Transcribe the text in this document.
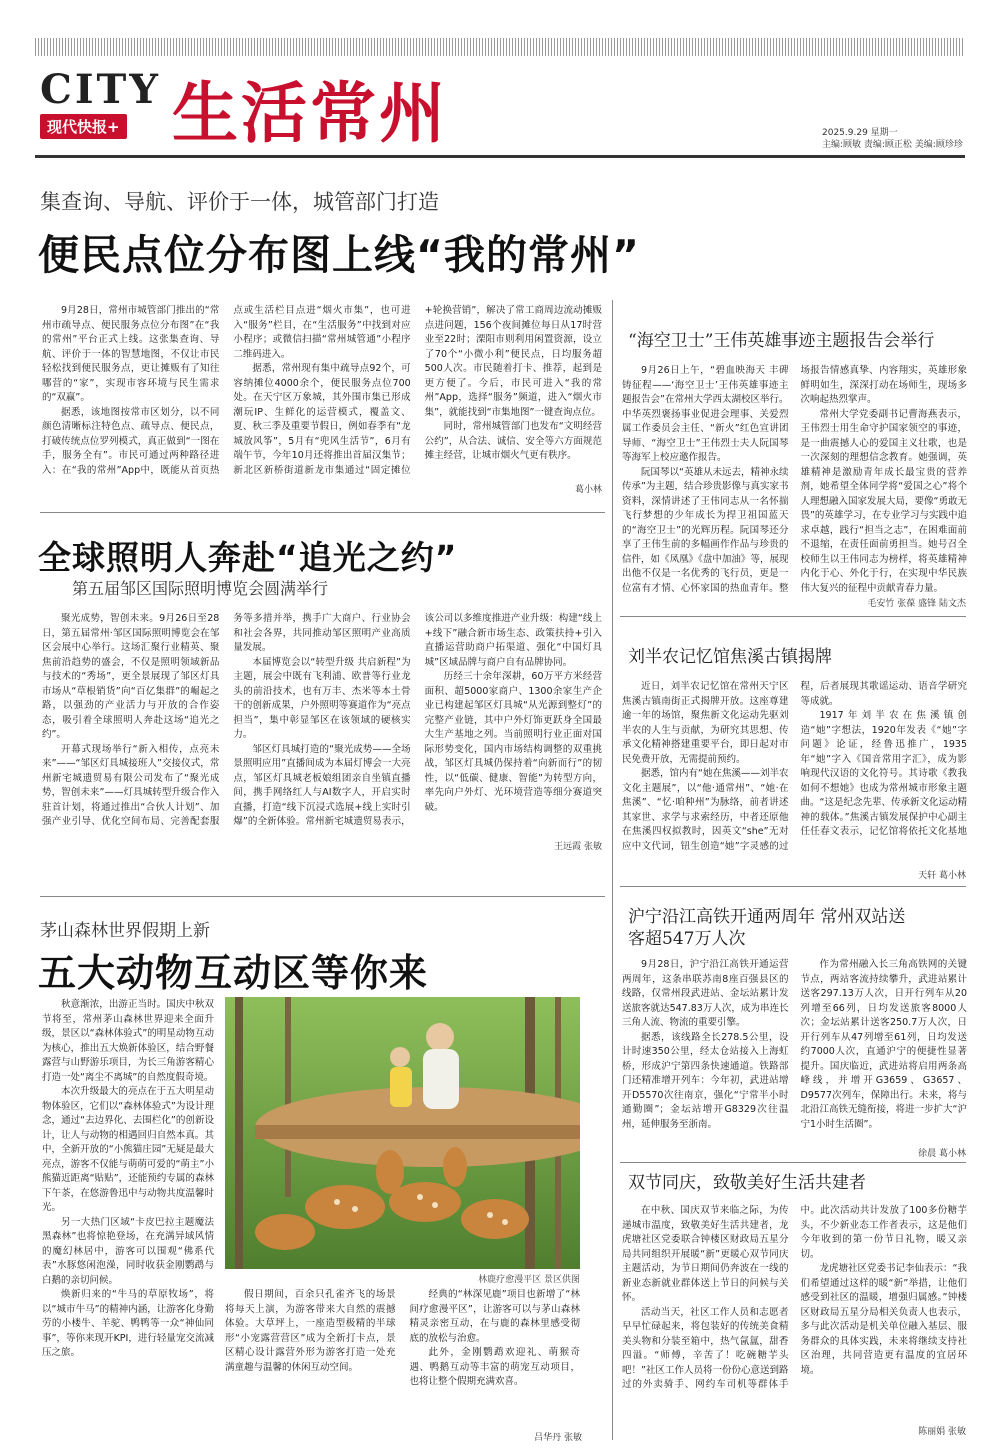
CITY
现代快报+ 生活常州	2025.9.29 星期一
主编:顾敏 责编:顾正松 美编:顾珍珍
集查询、导航、评价于一体，城管部门打造
便民点位分布图上线“我的常州”

9月28日，常州市城管部门推出的“常州市疏导点、便民服务点位分布图”在“我的常州”平台正式上线。这张集查询、导航、评价于一体的智慧地图，不仅让市民轻松找到便民服务点，更让摊贩有了知往哪营的“家”，实现市容环境与民生需求的“双赢”。

据悉，该地图按常市区划分，以不同颜色清晰标注特色点、疏导点、便民点，打破传统点位罗列模式，真正做到“一图在手，服务全有”。市民可通过两种路径进入：在“我的常州”App中，既能从首页热点或生活栏目点进“烟火市集”，也可进入“服务”栏目，在“生活服务”中找到对应小程序；或微信扫描“常州城管通”小程序二维码进入。

据悉，常州现有集中疏导点92个，可容纳摊位4000余个，便民服务点位700处。在天宁区万象城，其外围市集已形成潮玩IP、生鲜化的运营模式，覆盖文、夏、秋三季及重要节假日，例如春季有“龙城放风筝”，5月有“兜风生活节”，6月有端午节，今年10月还将推出首届汉集节；新北区新桥街道新龙市集通过“固定摊位+轮换营销”，解决了常工商周边流动摊贩点进问题，156个夜间摊位每日从17时营业至22时；溧阳市则利用闲置资源，设立了70个“小微小利”便民点，日均服务超500人次。市民随着打卡、推荐，起到是更方便了。今后，市民可进入“我的常州”App，选择“服务”频道，进入“烟火市集”，就能找到“市集地图”一键查询点位。

同时，常州城管部门也发布“文明经营公约”，从合法、诚信、安全等六方面规范摊主经营，让城市烟火气更有秩序。

葛小林
全球照明人奔赴“追光之约”
第五届邹区国际照明博览会圆满举行

聚光成势，智创未来。9月26日至28日，第五届常州·邹区国际照明博览会在邹区会展中心举行。这场汇聚行业精英、聚焦前沿趋势的盛会，不仅是照明领域新品与技术的“秀场”，更全景展现了邹区灯具市场从“草根销货”向“百亿集群”的崛起之路，以强劲的产业活力与开放的合作姿态，吸引着全球照明人奔赴这场“追光之约”。

开幕式现场举行“新入相传，点亮未来”——“邹区灯具城接班人”交接仪式，常州新宅城遗贸易有限公司发布了“聚光成势，智创未来”——灯具城转型升级合作入驻首计划，将通过推出“合伙人计划”、加强产业引导、优化空间布局、完善配套服务等多措并举，携手广大商户、行业协会和社会各界，共同推动邹区照明产业高质量发展。

本届博览会以“转型升级 共启新程”为主题，展会中既有飞利浦、欧普等行业龙头的前沿技术，也有万丰、杰米等本土骨干的创新成果，户外照明等赛道作为“亮点担当”，集中彰显邹区在该领域的硬核实力。

邹区灯具城打造的“聚光成势——全场景照明应用”直播间成为本届灯博会一大亮点，邹区灯具城老板娘组团亲自坐镇直播间，携手网络红人与AI数字人，开启实时直播，打造“线下沉浸式选展+线上实时引爆”的全新体验。常州新宅城遗贸易表示，该公司以多维度推进产业升级：构建“线上+线下”融合新市场生态、政策扶持+引入直播运营助商户拓渠道、强化“中国灯具城”区域品牌与商户自有品牌协同。

历经三十余年深耕，60万平方米经营面积、超5000家商户、1300余家生产企业已构建起邹区灯具城“从光源到整灯”的完整产业链，其中户外灯饰更跃身全国最大生产基地之列。当前照明行业正面对国际形势变化，国内市场结构调整的双重挑战，邹区灯具城仍保持着“向新而行”的韧性，以“低碳、健康、智能”为转型方向，率先向户外灯、光环境营造等细分赛道突破。

王远霞 张敏
茅山森林世界假期上新
五大动物互动区等你来

秋意渐浓，出游正当时。国庆中秋双节将至，常州茅山森林世界迎来全面升级，景区以“森林体验式”的明星动物互动为核心，推出五大焕新体验区，结合野餐露营与山野游乐项目，为长三角游客精心打造一处“离尘不离城”的自然度假奇境。

本次升级最大的亮点在于五大明星动物体验区，它们以“森林体验式”为设计理念，通过“去边界化、去围栏化”的创新设计，让人与动物的相遇回归自然本真。其中，全新开放的“小熊猫庄园”无疑是最大亮点，游客不仅能与萌萌可爱的“萌主”小熊猫近距离“贴贴”，还能预约专属的森林下午茶，在悠游鲁迅中与动物共度温馨时光。

另一大热门区域“卡皮巴拉主题魔法黑森林”也将惊艳登场，在充满异域风情的魔幻林居中，游客可以围观“佛系代表”水豚悠闲泡澡，同时收获金刚鹦鹉与白鹅的亲切问候。

焕新归来的“牛马的草原牧场”，将以“城市牛马”的精神内涵，让游客化身勤劳的小楼牛、羊驼、鸭鸭等一众“神仙同事”，等你来现开KPI，进行轻量宠交流减压之旅。

林鹿疗愈漫平区 景区供图

假日期间，百余只孔雀齐飞的场景将每天上演，为游客带来大自然的震撼体验。大草坪上，一座造型极精的半球形“小宠露营营区”成为全新打卡点，景区精心设计露营外形为游客打造一处充满童趣与温馨的休闲互动空间。

经典的“林深见鹿”项目也新增了“林间疗愈漫平区”，让游客可以与茅山森林精灵亲密互动，在与鹿的森林里感受彻底的放松与治愈。

此外，金刚鹦鹉欢迎礼、萌猴奇遇、鸭鹅互动等丰富的萌宠互动项目，也将让整个假期充满欢喜。

吕华丹 张敏
“海空卫士”王伟英雄事迹主题报告会举行

9月26日上午，“碧血映海天 丰碑铸征程——‘海空卫士’王伟英雄事迹主题报告会”在常州大学西太湖校区举行。中华英烈褒扬事业促进会理事、关爱烈属工作委员会主任、“新火”红色宣讲团导师、“海空卫士”王伟烈士夫人阮国琴等海军上校应邀作报告。

阮国琴以“英雄从未远去，精神永续传承”为主题，结合珍贵影像与真实家书资料，深情讲述了王伟同志从一名怀揣飞行梦想的少年成长为捍卫祖国蓝天的“海空卫士”的光辉历程。阮国琴还分享了王伟生前的多幅画作作品与珍贵的信件，如《凤凰》《盘中加油》等，展现出他不仅是一名优秀的飞行员，更是一位富有才情、心怀家国的热血青年。整场报告情感真挚、内容翔实，英雄形象鲜明如生，深深打动在场师生，现场多次响起热烈掌声。

常州大学党委副书记曹海燕表示，王伟烈士用生命守护国家领空的事迹，是一曲震撼人心的爱国主义壮歌，也是一次深刻的理想信念教育。她强调，英雄精神是激励青年成长最宝贵的营养剂，她希望全体同学将“爱国之心”将个人理想融入国家发展大局，要像“勇敢无畏”的英雄学习，在专业学习与实践中追求卓越，践行“担当之志”，在困难面前不退缩，在责任面前勇担当。她号召全校师生以王伟同志为榜样，将英雄精神内化于心、外化于行，在实现中华民族伟大复兴的征程中贡献青春力量。

毛安竹 张葆 盛锋 陆文杰
刘半农记忆馆焦溪古镇揭牌

近日，刘半农记忆馆在常州天宁区焦溪古镇南街正式揭牌开放。这座尊建逾一年的场馆，聚焦新文化运动先驱刘半农的人生与贡献，为研究其思想、传承文化精神搭建重要平台，即日起对市民免费开放，无需提前预约。

据悉，馆内有“她在焦溪——刘半农文化主题展”，以“他·通常州”、“她·在焦溪”、“忆·咱种州”为脉络，前者讲述其家世、求学与求索经历，中者还原他在焦溪四权拟教时，因英文“she”无对应中文代词，钮生创造“她”字灵感的过程，后者展现其歌谣运动、语音学研究等成就。

1917年刘半农在焦溪镇创造“她”字想法，1920年发表《“她”字问题》论证，经鲁迅推广，1935年“她”字入《国音常用字汇》，成为影响现代汉语的文化符号。其诗歌《教我如何不想她》也成为常州城市形象主题曲。“这是纪念先辈、传承新文化运动精神的载体。”焦溪古镇发展保护中心副主任任春文表示，记忆馆将依托文化基地

天轩 葛小林
沪宁沿江高铁开通两周年 常州双站送客超547万人次

9月28日，沪宁沿江高铁开通运营两周年，这条串联苏南8座百强县区的线路，仅常州段武进站、金坛站累计发送旅客就达547.83万人次，成为串连长三角人流、物流的重要引擎。

据悉，该线路全长278.5公里，设计时速350公里，经太仓站接入上海虹桥，形成沪宁第四条快速通道。铁路部门还精准增开列车：今年初，武进站增开D5570次往南京，强化“宁常半小时通勤圈”；金坛站增开G8329次往温州，延伸服务至浙南。

作为常州融入长三角高铁网的关键节点，两站客流持续攀升，武进站累计送客297.13万人次，日开行列车从20列增至66列，日均发送旅客8000人次；金坛站累计送客250.7万人次，日开行列车从47列增至61列，日均发送约7000人次，直通沪宁的便捷性显著提升。国庆临近，武进站将启用两条高峰线，并增开G3659、G3657、D9577次列车，保障出行。未来，将与北沿江高铁无缝衔接，将进一步扩大“沪宁1小时生活圈”。

徐晨 葛小林
双节同庆，致敬美好生活共建者

在中秋、国庆双节来临之际，为传递城市温度，致敬美好生活共建者，龙虎塘社区党委联合钟楼区财政局五星分局共同组织开展暖“新”更暖心双节同庆主题活动，为节日期间仍奔波在一线的新业态新就业群体送上节日的问候与关怀。

活动当天，社区工作人员和志愿者早早忙碌起来，将包装好的传统美食精美头物和分装至箱中，热气氤氲，甜香四溢。“师傅，辛苦了！吃碗糖芋头吧！”社区工作人员将一份份心意送到路过的外卖骑手、网约车司机等群体手中。此次活动共计发放了100多份糖芋头，不少新业态工作者表示，这是他们今年收到的第一份节日礼物，暖又亲切。

龙虎塘社区党委书记李仙表示：“我们希望通过这样的暖“新”举措，让他们感受到社区的温暖，增强归属感。”钟楼区财政局五星分局相关负责人也表示，多与此次活动是机关单位融入基层、服务群众的具体实践，未来将继续支持社区治理，共同营造更有温度的宜居环境。

陈丽娟 张敏
